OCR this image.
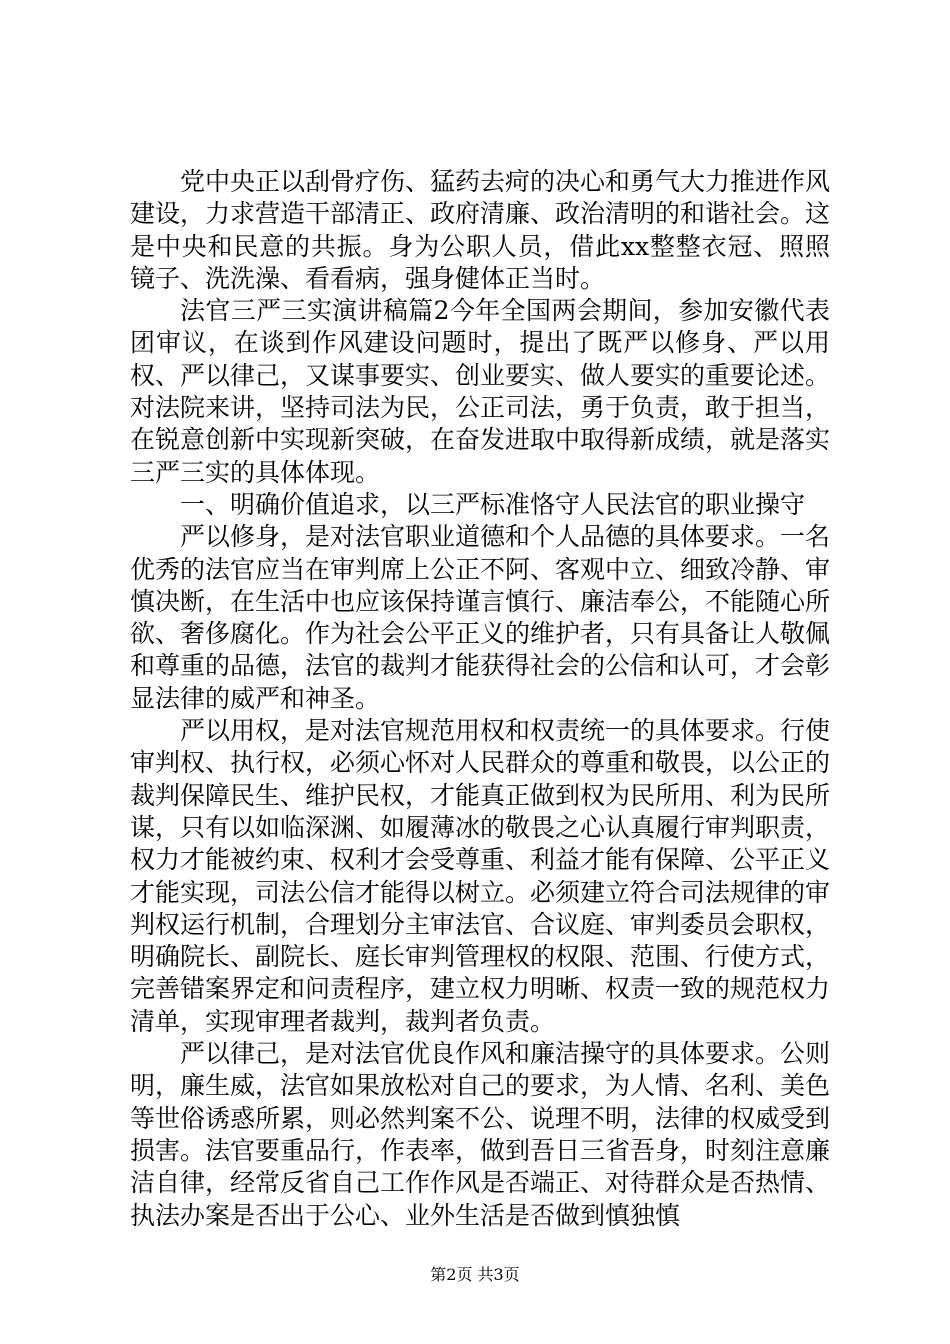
党中央正以刮骨疗伤、猛药去疴的决心和勇气大力推进作风建设，力求营造干部清正、政府清廉、政治清明的和谐社会。这是中央和民意的共振。身为公职人员，借此xx整整衣冠、照照镜子、洗洗澡、看看病，强身健体正当时。

法官三严三实演讲稿篇2今年全国两会期间，参加安徽代表团审议，在谈到作风建设问题时，提出了既严以修身、严以用权、严以律己，又谋事要实、创业要实、做人要实的重要论述。对法院来讲，坚持司法为民，公正司法，勇于负责，敢于担当，在锐意创新中实现新突破，在奋发进取中取得新成绩，就是落实三严三实的具体体现。

一、明确价值追求，以三严标准恪守人民法官的职业操守

严以修身，是对法官职业道德和个人品德的具体要求。一名优秀的法官应当在审判席上公正不阿、客观中立、细致冷静、审慎决断，在生活中也应该保持谨言慎行、廉洁奉公，不能随心所欲、奢侈腐化。作为社会公平正义的维护者，只有具备让人敬佩和尊重的品德，法官的裁判才能获得社会的公信和认可，才会彰显法律的威严和神圣。

严以用权，是对法官规范用权和权责统一的具体要求。行使审判权、执行权，必须心怀对人民群众的尊重和敬畏，以公正的裁判保障民生、维护民权，才能真正做到权为民所用、利为民所谋，只有以如临深渊、如履薄冰的敬畏之心认真履行审判职责，权力才能被约束、权利才会受尊重、利益才能有保障、公平正义才能实现，司法公信才能得以树立。必须建立符合司法规律的审判权运行机制，合理划分主审法官、合议庭、审判委员会职权，明确院长、副院长、庭长审判管理权的权限、范围、行使方式，完善错案界定和问责程序，建立权力明晰、权责一致的规范权力清单，实现审理者裁判，裁判者负责。

严以律己，是对法官优良作风和廉洁操守的具体要求。公则明，廉生威，法官如果放松对自己的要求，为人情、名利、美色等世俗诱惑所累，则必然判案不公、说理不明，法律的权威受到损害。法官要重品行，作表率，做到吾日三省吾身，时刻注意廉洁自律，经常反省自己工作作风是否端正、对待群众是否热情、执法办案是否出于公心、业外生活是否做到慎独慎

第2页 共3页
